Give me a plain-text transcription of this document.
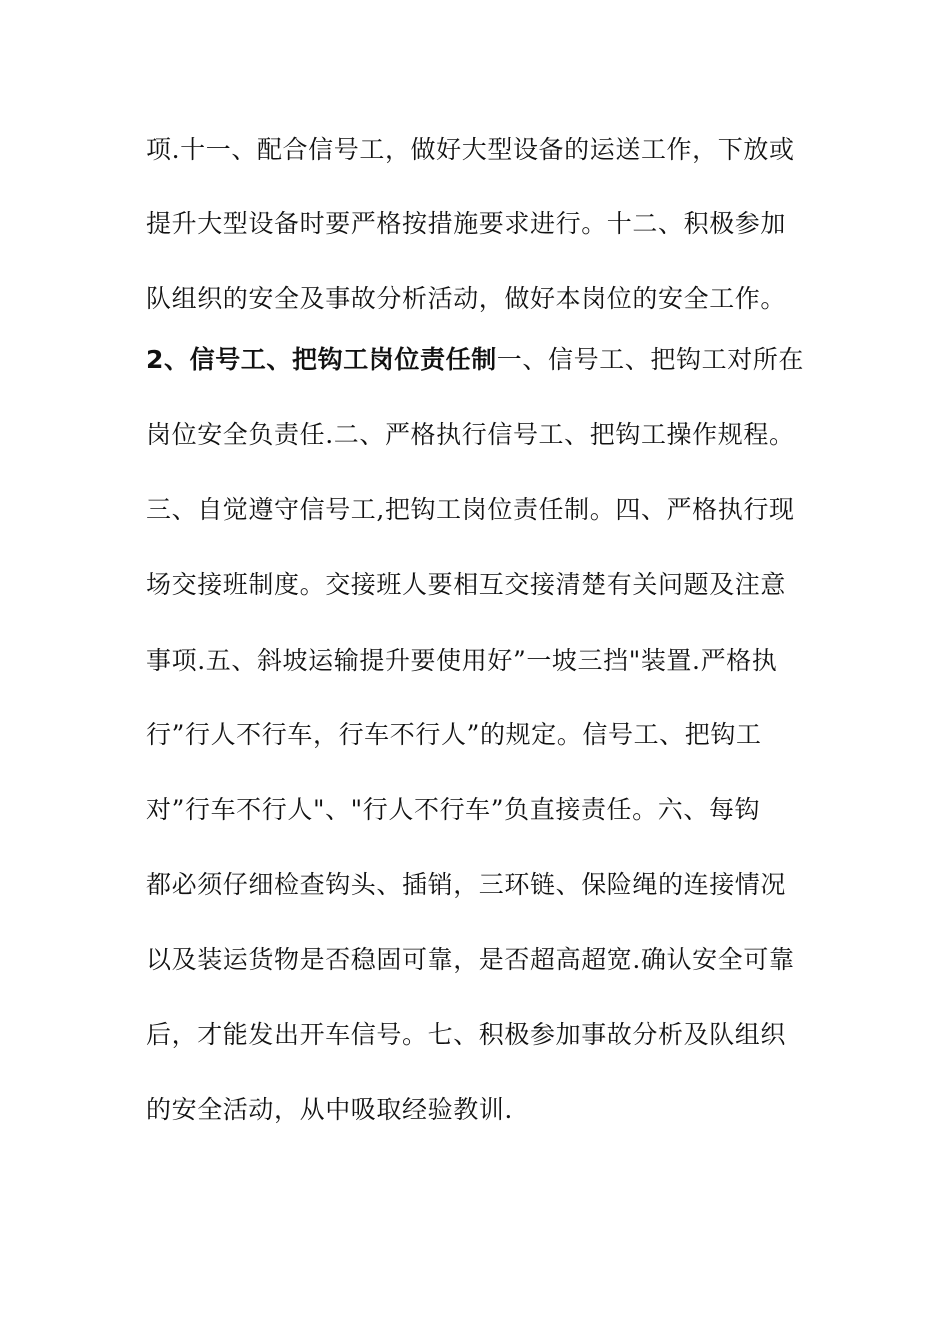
项.十一、配合信号工，做好大型设备的运送工作，下放或
提升大型设备时要严格按措施要求进行。十二、积极参加
队组织的安全及事故分析活动，做好本岗位的安全工作。
2、信号工、把钩工岗位责任制一、信号工、把钩工对所在
岗位安全负责任.二、严格执行信号工、把钩工操作规程。
三、自觉遵守信号工,把钩工岗位责任制。四、严格执行现
场交接班制度。交接班人要相互交接清楚有关问题及注意
事项.五、斜坡运输提升要使用好”一坡三挡"装置.严格执
行”行人不行车，行车不行人”的规定。信号工、把钩工
对”行车不行人"、"行人不行车”负直接责任。六、每钩
都必须仔细检查钩头、插销，三环链、保险绳的连接情况
以及装运货物是否稳固可靠，是否超高超宽.确认安全可靠
后，才能发出开车信号。七、积极参加事故分析及队组织
的安全活动，从中吸取经验教训.
